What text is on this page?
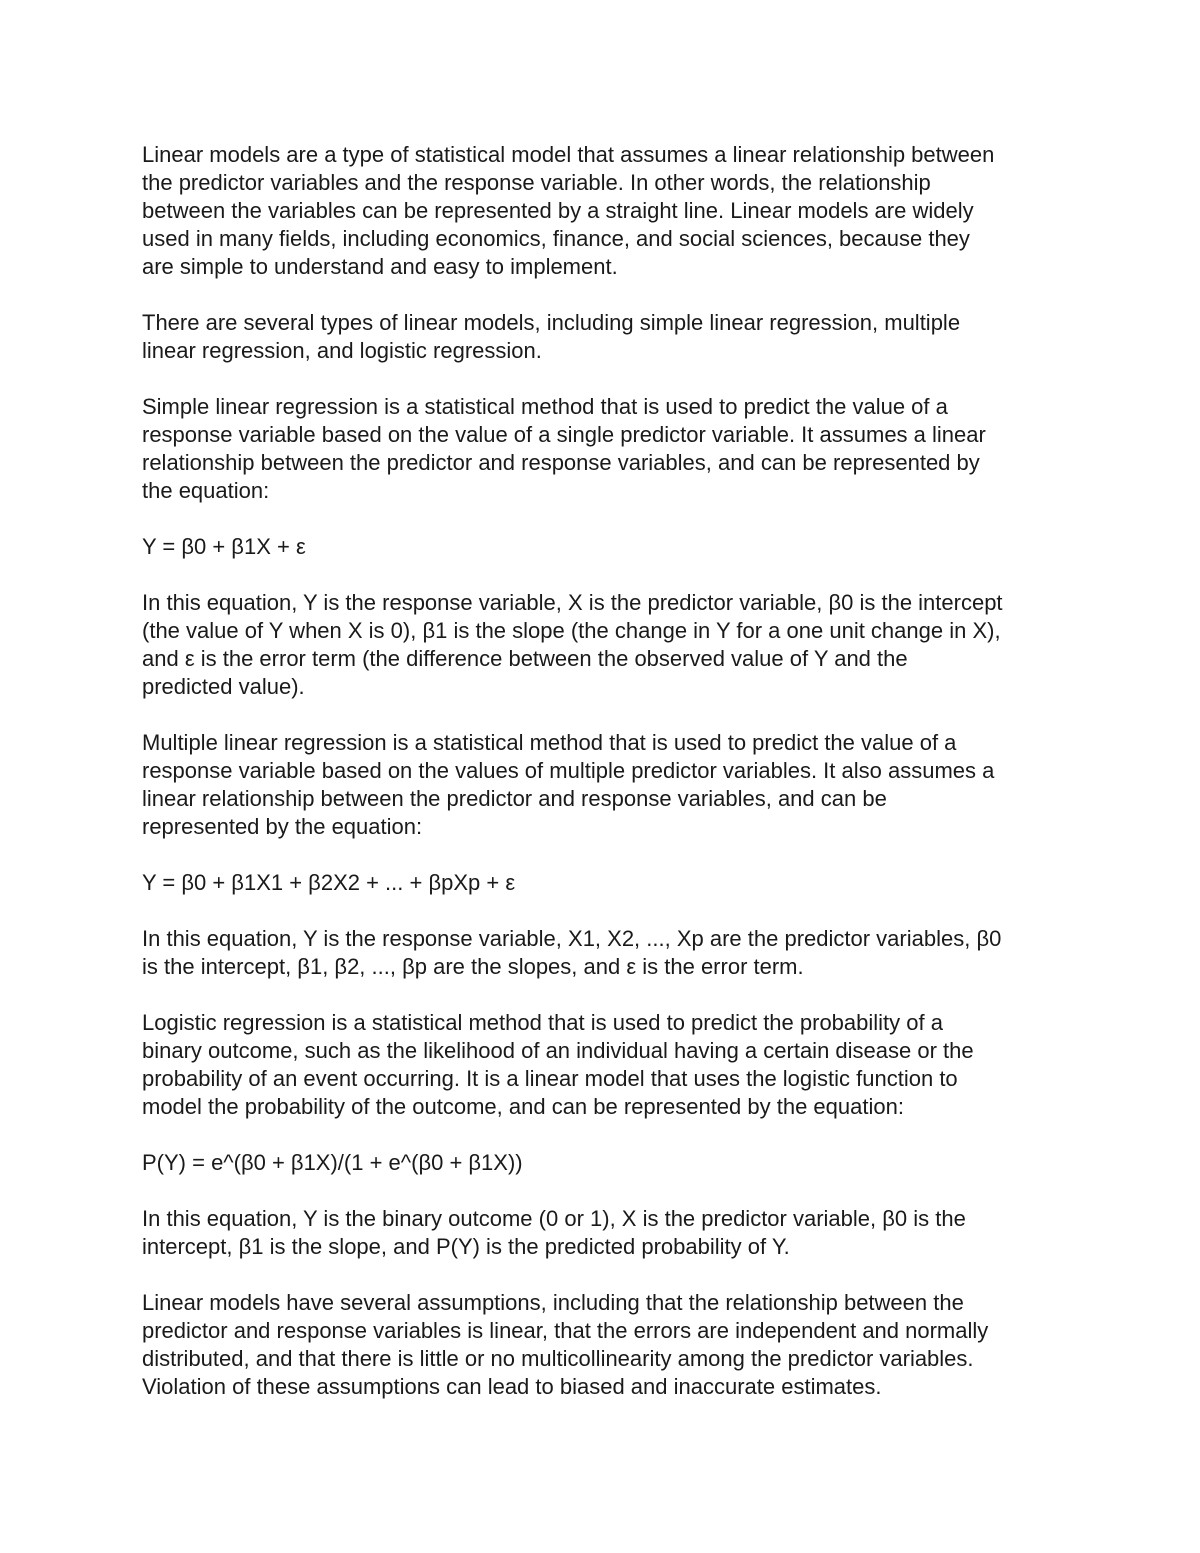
Linear models are a type of statistical model that assumes a linear relationship between
the predictor variables and the response variable. In other words, the relationship
between the variables can be represented by a straight line. Linear models are widely
used in many fields, including economics, finance, and social sciences, because they
are simple to understand and easy to implement.

There are several types of linear models, including simple linear regression, multiple
linear regression, and logistic regression.

Simple linear regression is a statistical method that is used to predict the value of a
response variable based on the value of a single predictor variable. It assumes a linear
relationship between the predictor and response variables, and can be represented by
the equation:

Y = β0 + β1X + ε

In this equation, Y is the response variable, X is the predictor variable, β0 is the intercept
(the value of Y when X is 0), β1 is the slope (the change in Y for a one unit change in X),
and ε is the error term (the difference between the observed value of Y and the
predicted value).

Multiple linear regression is a statistical method that is used to predict the value of a
response variable based on the values of multiple predictor variables. It also assumes a
linear relationship between the predictor and response variables, and can be
represented by the equation:

Y = β0 + β1X1 + β2X2 + ... + βpXp + ε

In this equation, Y is the response variable, X1, X2, ..., Xp are the predictor variables, β0
is the intercept, β1, β2, ..., βp are the slopes, and ε is the error term.

Logistic regression is a statistical method that is used to predict the probability of a
binary outcome, such as the likelihood of an individual having a certain disease or the
probability of an event occurring. It is a linear model that uses the logistic function to
model the probability of the outcome, and can be represented by the equation:

P(Y) = e^(β0 + β1X)/(1 + e^(β0 + β1X))

In this equation, Y is the binary outcome (0 or 1), X is the predictor variable, β0 is the
intercept, β1 is the slope, and P(Y) is the predicted probability of Y.

Linear models have several assumptions, including that the relationship between the
predictor and response variables is linear, that the errors are independent and normally
distributed, and that there is little or no multicollinearity among the predictor variables.
Violation of these assumptions can lead to biased and inaccurate estimates.
